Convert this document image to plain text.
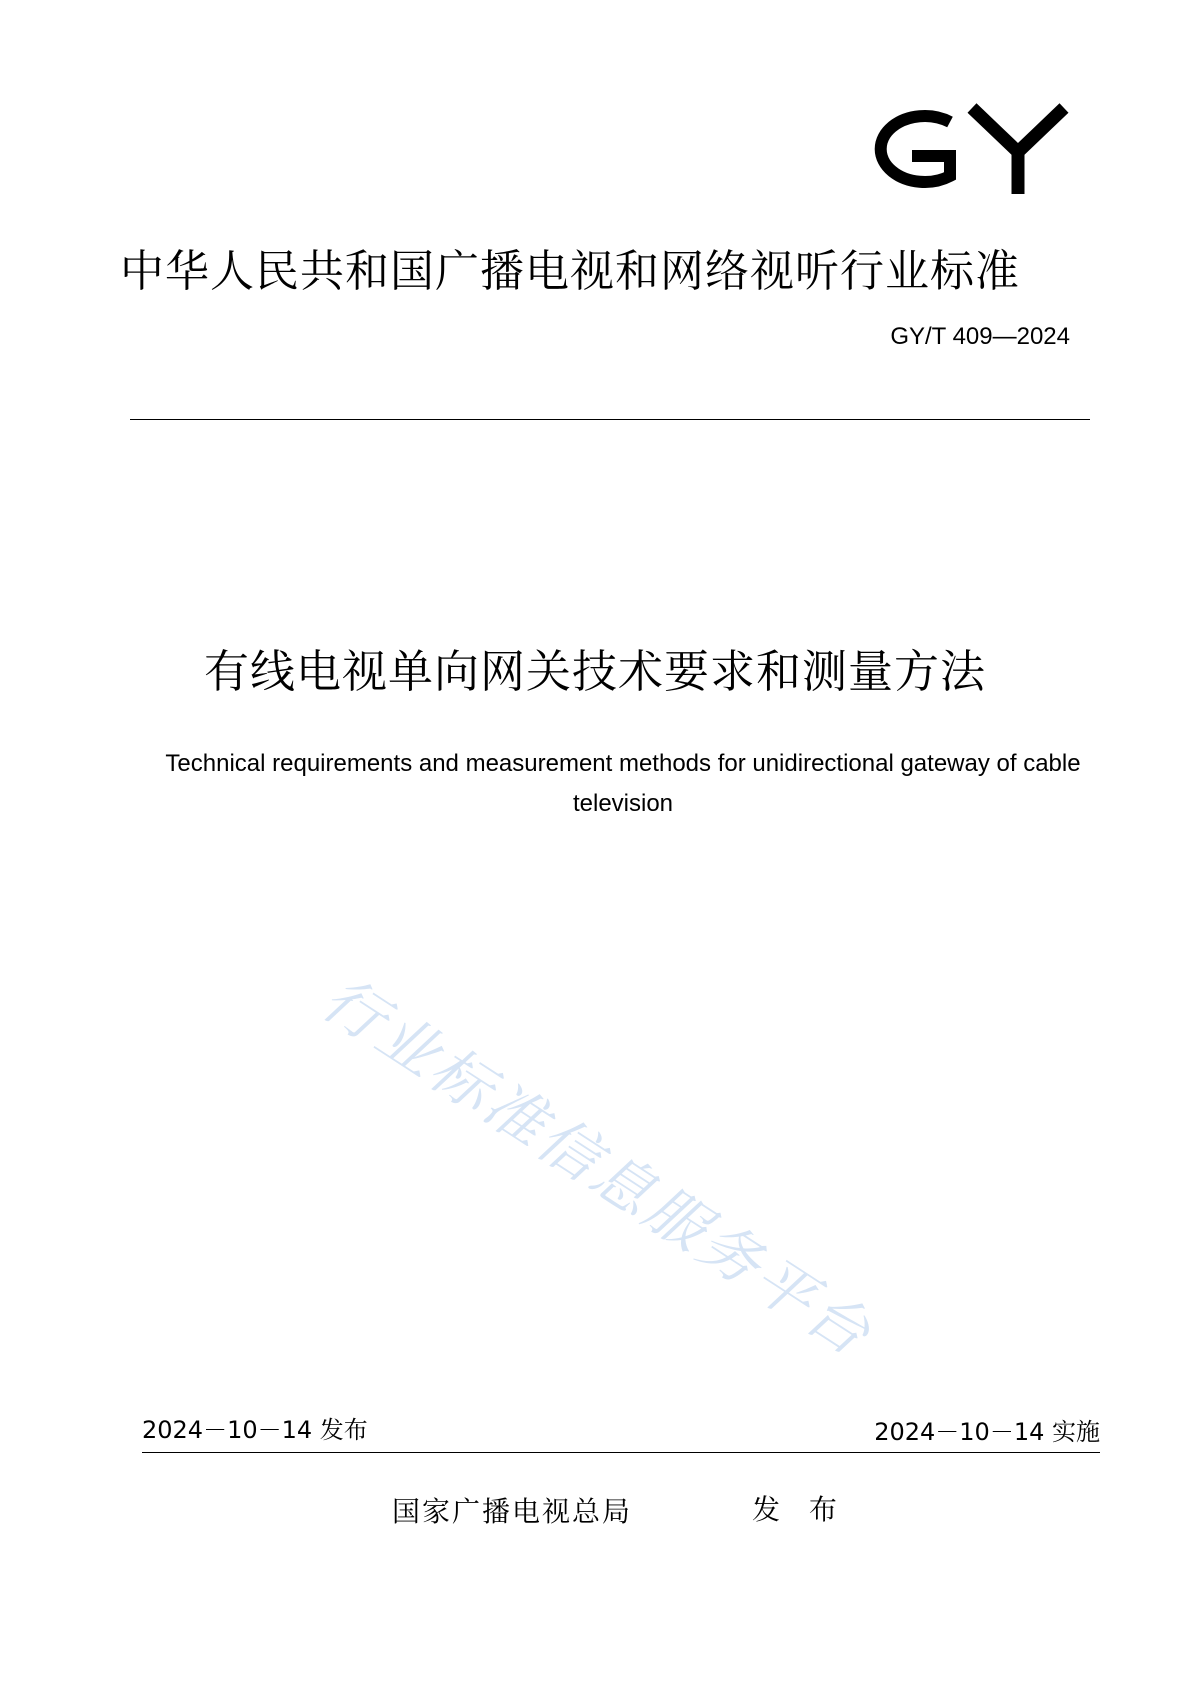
中华人民共和国广播电视和网络视听行业标准
GY/T 409—2024
有线电视单向网关技术要求和测量方法
Technical requirements and measurement methods for unidirectional gateway of cable television
行业标准信息服务平台
2024－10－14 发布	2024－10－14 实施
国家广播电视总局	发 布
